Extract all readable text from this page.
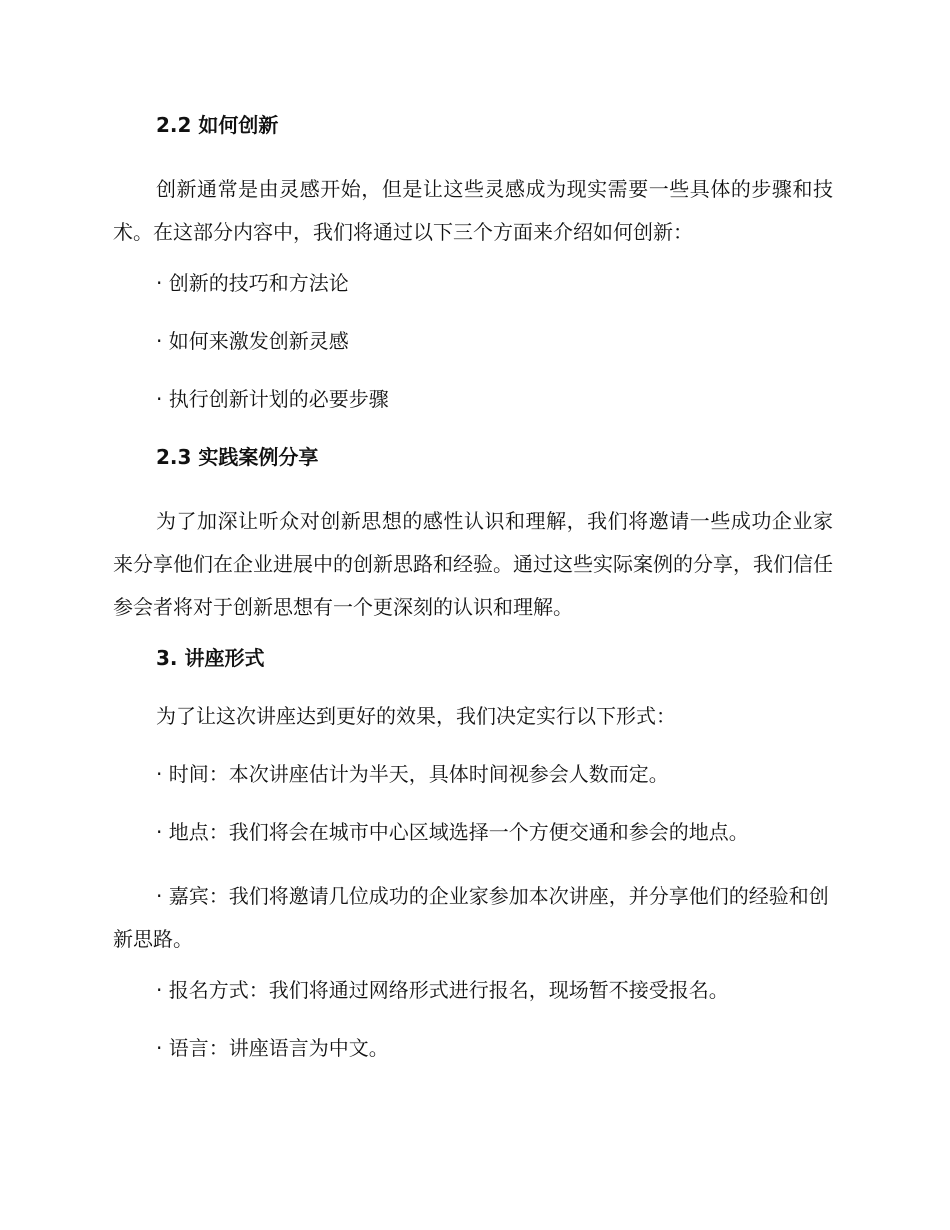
2.2 如何创新

创新通常是由灵感开始，但是让这些灵感成为现实需要一些具体的步骤和技术。在这部分内容中，我们将通过以下三个方面来介绍如何创新：

· 创新的技巧和方法论

· 如何来激发创新灵感

· 执行创新计划的必要步骤

2.3 实践案例分享

为了加深让听众对创新思想的感性认识和理解，我们将邀请一些成功企业家来分享他们在企业进展中的创新思路和经验。通过这些实际案例的分享，我们信任参会者将对于创新思想有一个更深刻的认识和理解。

3. 讲座形式

为了让这次讲座达到更好的效果，我们决定实行以下形式：

· 时间：本次讲座估计为半天，具体时间视参会人数而定。

· 地点：我们将会在城市中心区域选择一个方便交通和参会的地点。

· 嘉宾：我们将邀请几位成功的企业家参加本次讲座，并分享他们的经验和创新思路。

· 报名方式：我们将通过网络形式进行报名，现场暂不接受报名。

· 语言：讲座语言为中文。
